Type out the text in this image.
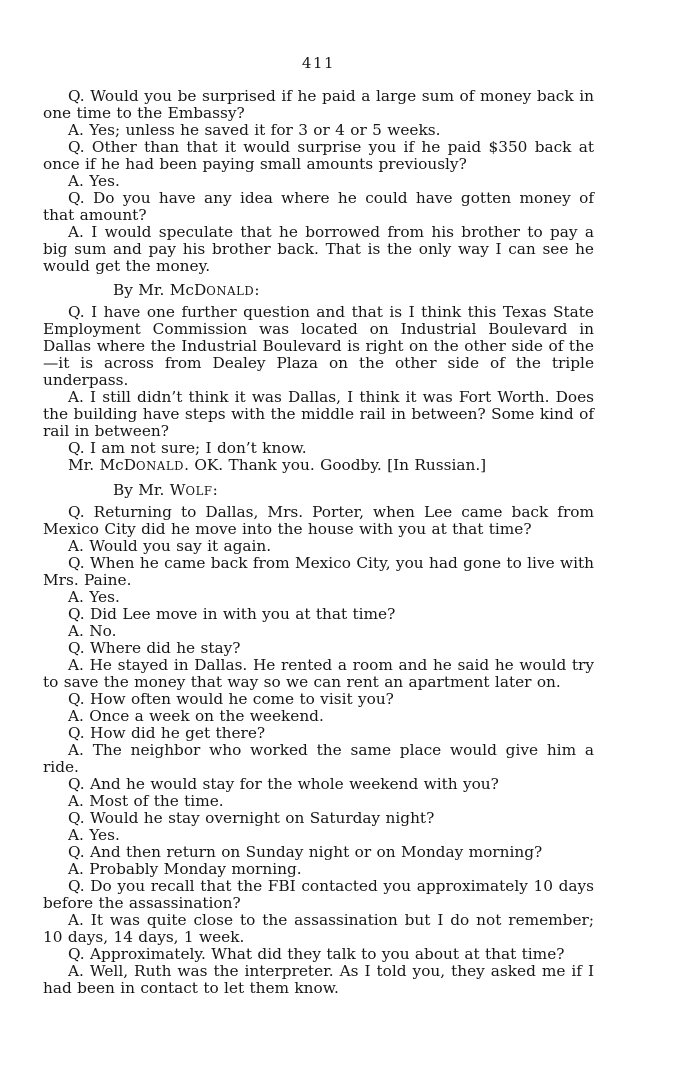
411

Q. Would you be surprised if he paid a large sum of money back in one time to the Embassy?

A. Yes; unless he saved it for 3 or 4 or 5 weeks.

Q. Other than that it would surprise you if he paid $350 back at once if he had been paying small amounts previously?

A. Yes.

Q. Do you have any idea where he could have gotten money of that amount?

A. I would speculate that he borrowed from his brother to pay a big sum and pay his brother back. That is the only way I can see he would get the money.

By Mr. McDONALD:

Q. I have one further question and that is I think this Texas State Employment Commission was located on Industrial Boulevard in Dallas where the Industrial Boulevard is right on the other side of the—it is across from Dealey Plaza on the other side of the triple underpass.

A. I still didn’t think it was Dallas, I think it was Fort Worth. Does the building have steps with the middle rail in between? Some kind of rail in between?

Q. I am not sure; I don’t know.

Mr. McDONALD. OK. Thank you. Goodby. [In Russian.]

By Mr. WOLF:

Q. Returning to Dallas, Mrs. Porter, when Lee came back from Mexico City did he move into the house with you at that time?

A. Would you say it again.

Q. When he came back from Mexico City, you had gone to live with Mrs. Paine.

A. Yes.

Q. Did Lee move in with you at that time?

A. No.

Q. Where did he stay?

A. He stayed in Dallas. He rented a room and he said he would try to save the money that way so we can rent an apartment later on.

Q. How often would he come to visit you?

A. Once a week on the weekend.

Q. How did he get there?

A. The neighbor who worked the same place would give him a ride.

Q. And he would stay for the whole weekend with you?

A. Most of the time.

Q. Would he stay overnight on Saturday night?

A. Yes.

Q. And then return on Sunday night or on Monday morning?

A. Probably Monday morning.

Q. Do you recall that the FBI contacted you approximately 10 days before the assassination?

A. It was quite close to the assassination but I do not remember; 10 days, 14 days, 1 week.

Q. Approximately. What did they talk to you about at that time?

A. Well, Ruth was the interpreter. As I told you, they asked me if I had been in contact to let them know.
